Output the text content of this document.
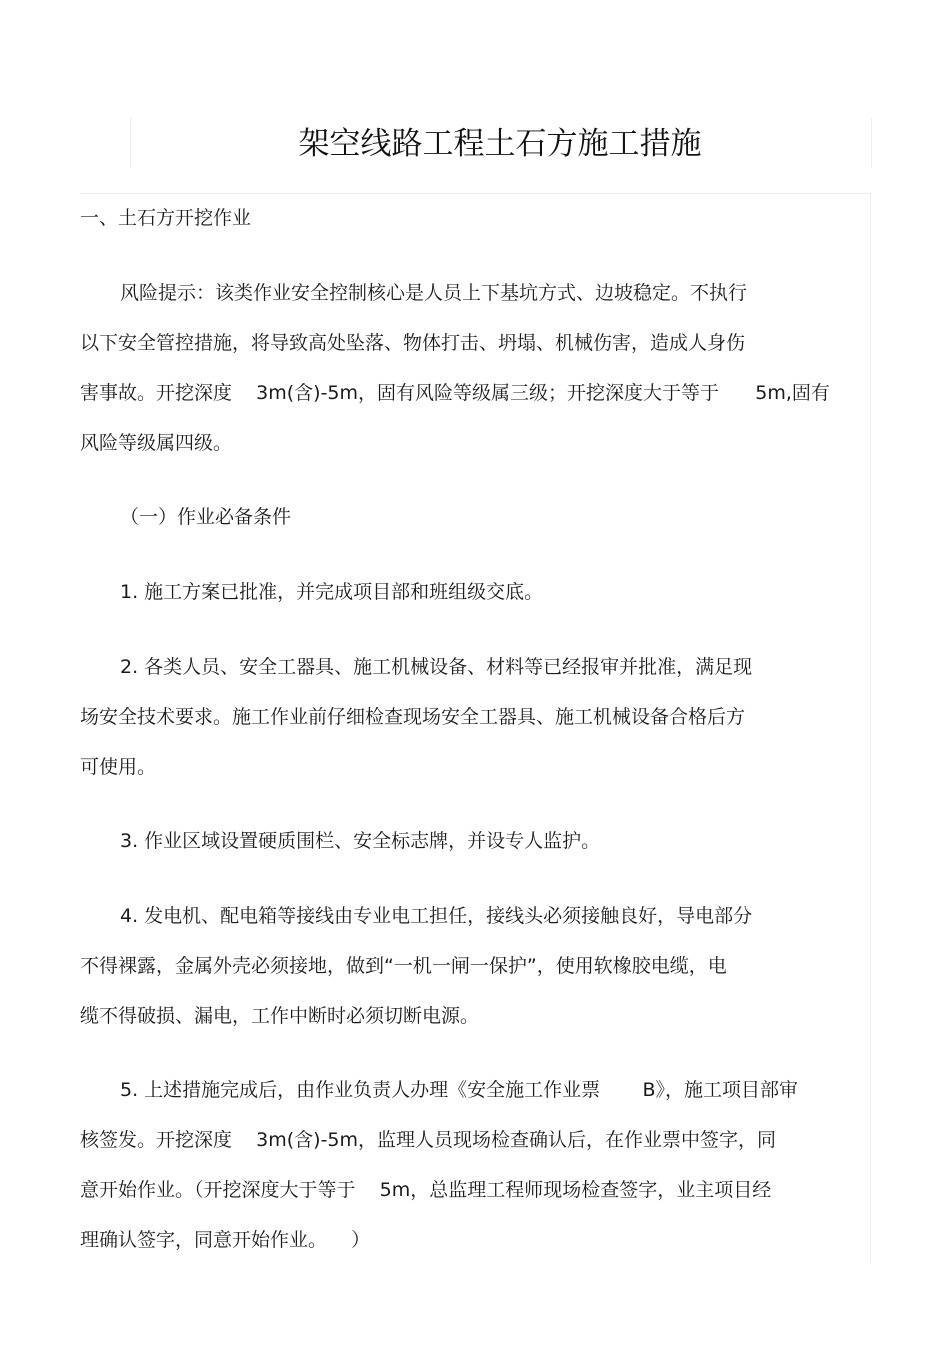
架空线路工程土石方施工措施
一、土石方开挖作业
风险提示：该类作业安全控制核心是人员上下基坑方式、边坡稳定。不执行
以下安全管控措施，将导致高处坠落、物体打击、坍塌、机械伤害，造成人身伤
害事故。开挖深度    3m(含)-5m，固有风险等级属三级；开挖深度大于等于      5m,固有
风险等级属四级。
（一）作业必备条件
1. 施工方案已批准，并完成项目部和班组级交底。
2. 各类人员、安全工器具、施工机械设备、材料等已经报审并批准，满足现
场安全技术要求。施工作业前仔细检查现场安全工器具、施工机械设备合格后方
可使用。
3. 作业区域设置硬质围栏、安全标志牌，并设专人监护。
4. 发电机、配电箱等接线由专业电工担任，接线头必须接触良好，导电部分
不得裸露，金属外壳必须接地，做到“一机一闸一保护”，使用软橡胶电缆，电
缆不得破损、漏电，工作中断时必须切断电源。
5. 上述措施完成后，由作业负责人办理《安全施工作业票       B》，施工项目部审
核签发。开挖深度    3m(含)-5m，监理人员现场检查确认后，在作业票中签字，同
意开始作业。（开挖深度大于等于    5m，总监理工程师现场检查签字，业主项目经
理确认签字，同意开始作业。    ）
